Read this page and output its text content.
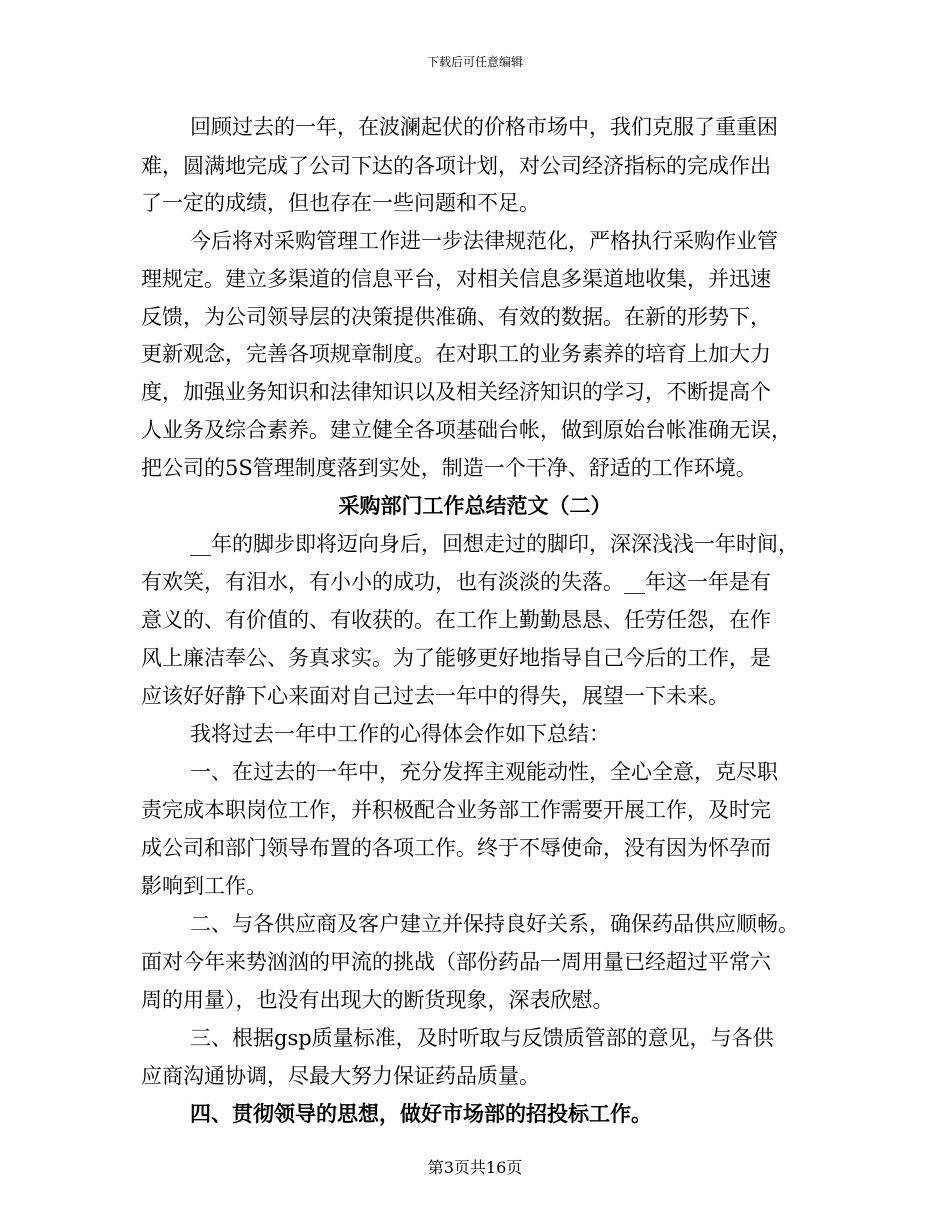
下载后可任意编辑
回顾过去的一年，在波澜起伏的价格市场中，我们克服了重重困
难，圆满地完成了公司下达的各项计划，对公司经济指标的完成作出
了一定的成绩，但也存在一些问题和不足。
今后将对采购管理工作进一步法律规范化，严格执行采购作业管
理规定。建立多渠道的信息平台，对相关信息多渠道地收集，并迅速
反馈，为公司领导层的决策提供准确、有效的数据。在新的形势下，
更新观念，完善各项规章制度。在对职工的业务素养的培育上加大力
度，加强业务知识和法律知识以及相关经济知识的学习，不断提高个
人业务及综合素养。建立健全各项基础台帐，做到原始台帐准确无误，
把公司的5S管理制度落到实处，制造一个干净、舒适的工作环境。
采购部门工作总结范文（二）
__年的脚步即将迈向身后，回想走过的脚印，深深浅浅一年时间，
有欢笑，有泪水，有小小的成功，也有淡淡的失落。__年这一年是有
意义的、有价值的、有收获的。在工作上勤勤恳恳、任劳任怨，在作
风上廉洁奉公、务真求实。为了能够更好地指导自己今后的工作，是
应该好好静下心来面对自己过去一年中的得失，展望一下未来。
我将过去一年中工作的心得体会作如下总结：
一、在过去的一年中，充分发挥主观能动性，全心全意，克尽职
责完成本职岗位工作，并积极配合业务部工作需要开展工作，及时完
成公司和部门领导布置的各项工作。终于不辱使命，没有因为怀孕而
影响到工作。
二、与各供应商及客户建立并保持良好关系，确保药品供应顺畅。
面对今年来势汹汹的甲流的挑战（部份药品一周用量已经超过平常六
周的用量），也没有出现大的断货现象，深表欣慰。
三、根据gsp质量标准，及时听取与反馈质管部的意见，与各供
应商沟通协调，尽最大努力保证药品质量。
四、贯彻领导的思想，做好市场部的招投标工作。
第3页共16页
